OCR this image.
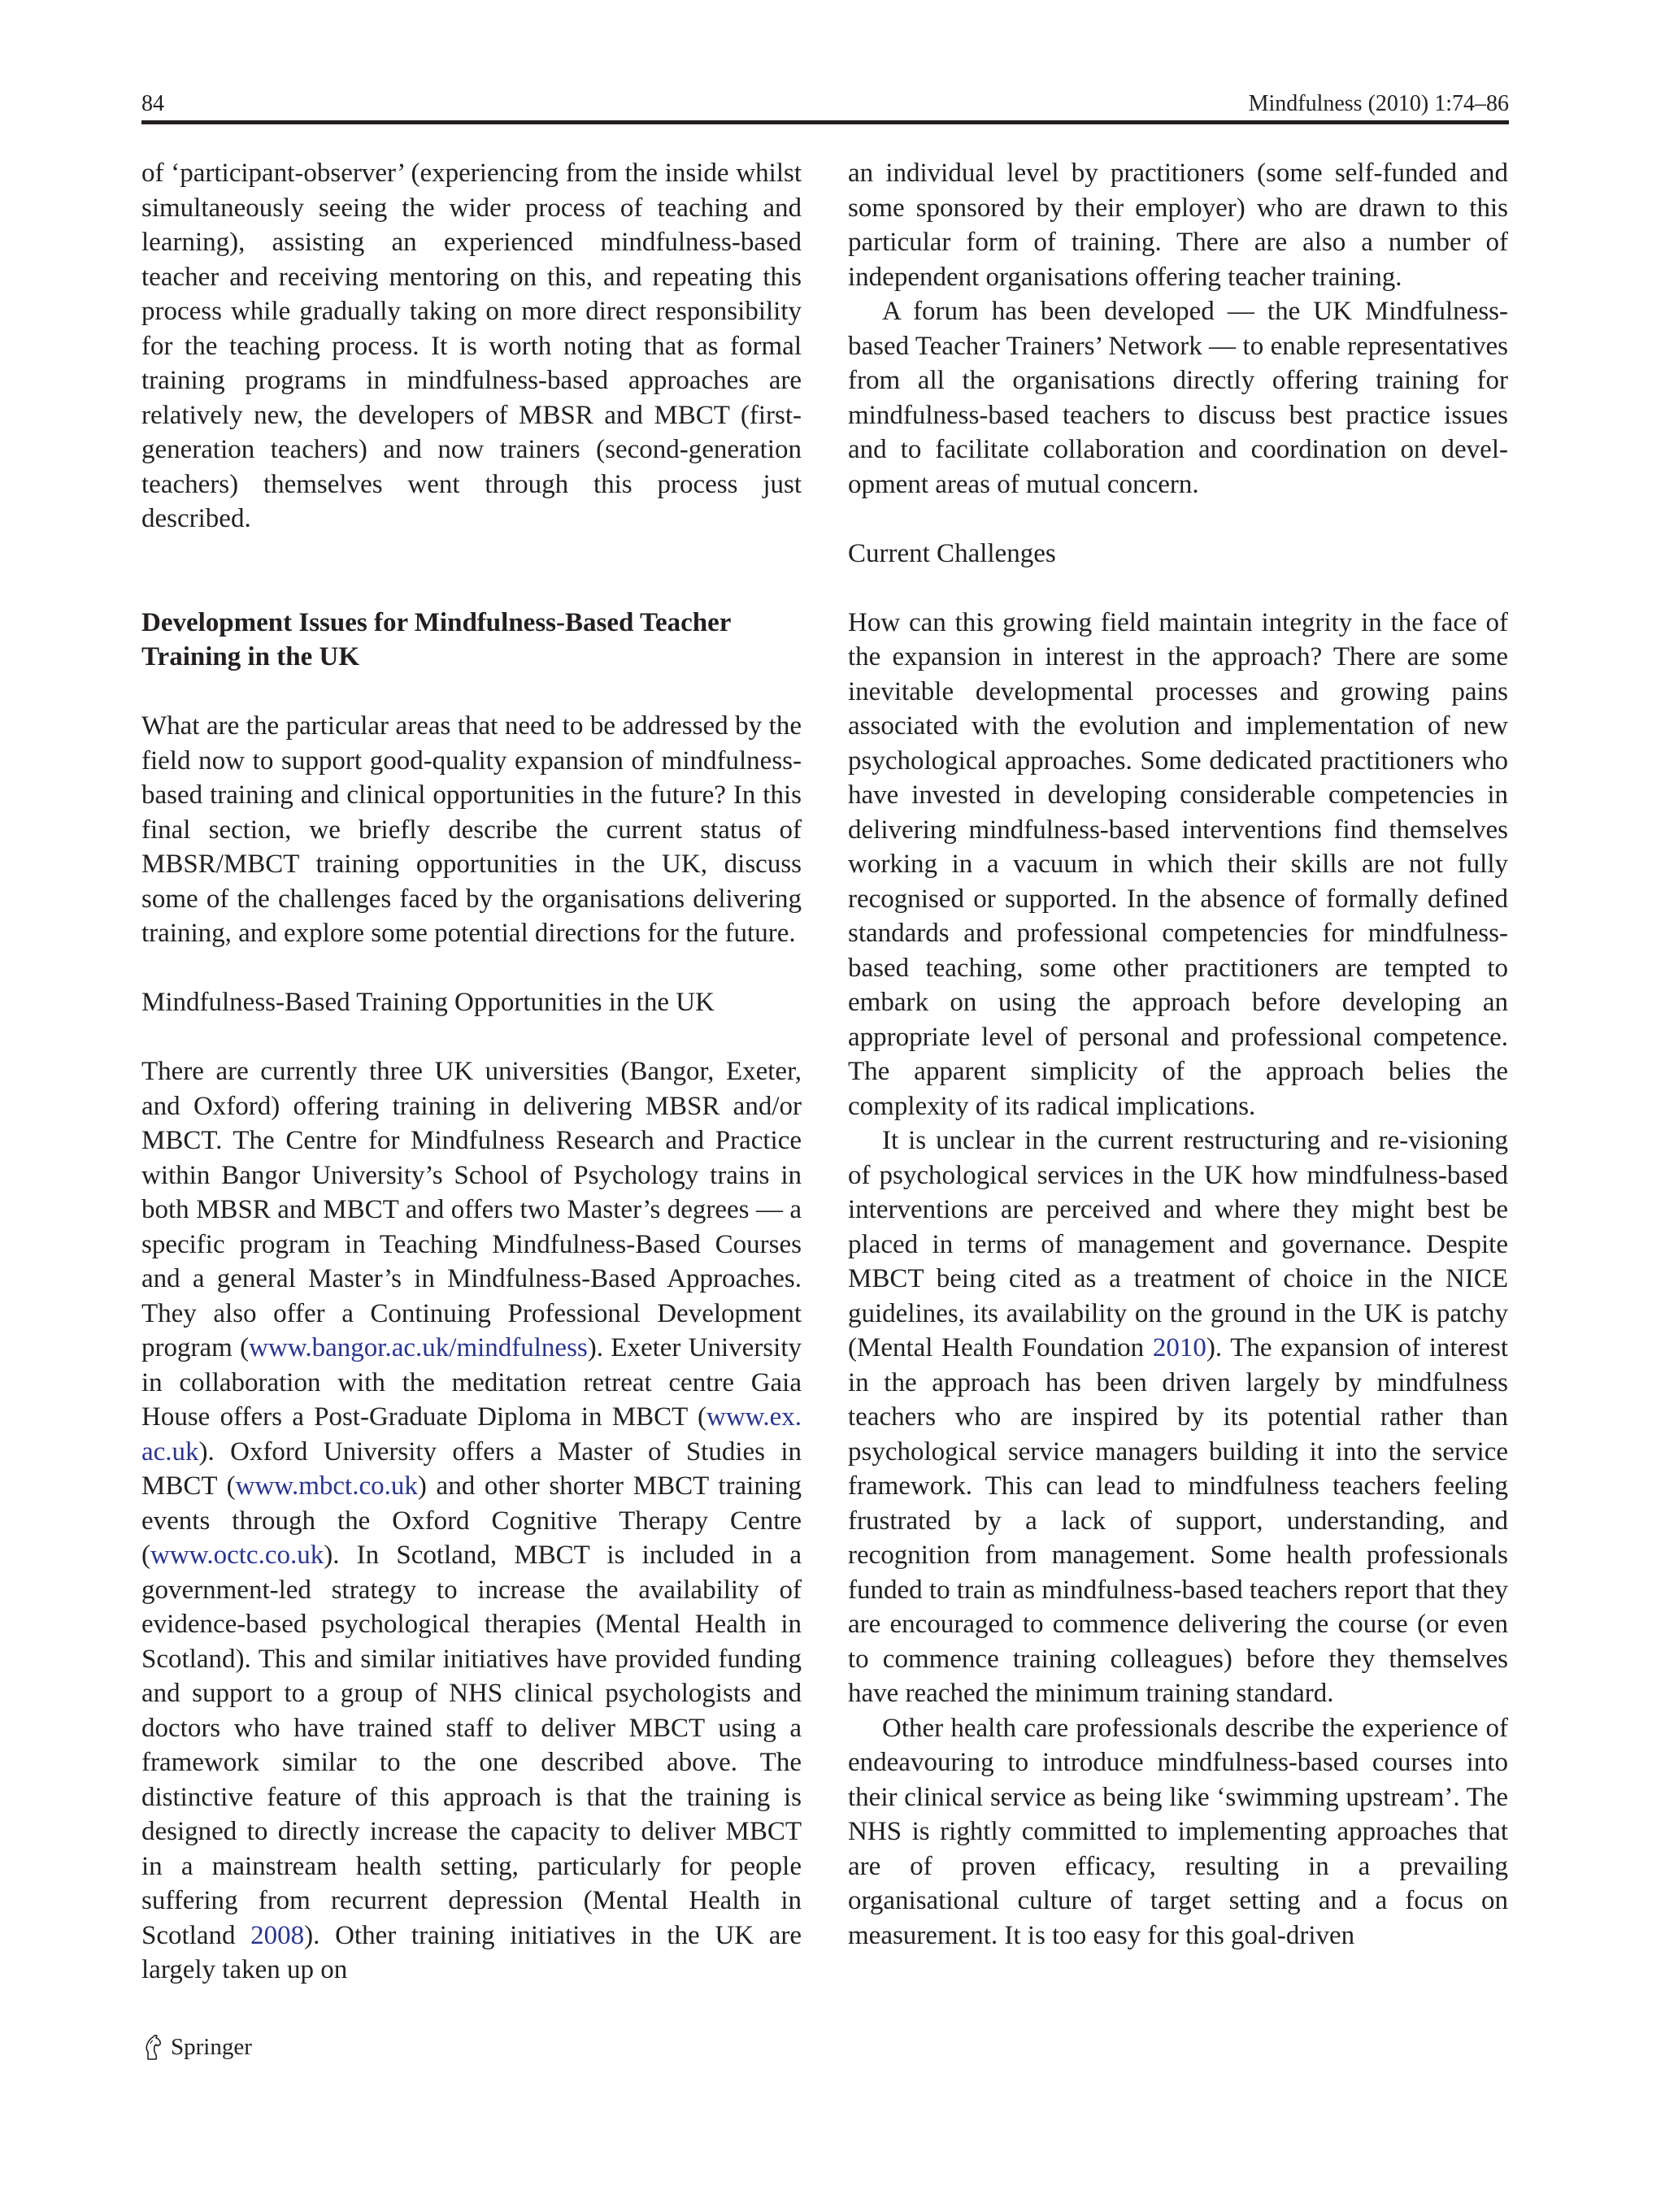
84	Mindfulness (2010) 1:74–86

of ‘participant-observer’ (experiencing from the inside whilst simultaneously seeing the wider process of teaching and learning), assisting an experienced mindfulness-based teacher and receiving mentoring on this, and repeating this process while gradually taking on more direct responsibility for the teaching process. It is worth noting that as formal training programs in mindfulness-based approaches are relatively new, the developers of MBSR and MBCT (first-generation teachers) and now trainers (second-generation teachers) themselves went through this process just described.

Development Issues for Mindfulness-Based Teacher Training in the UK

What are the particular areas that need to be addressed by the field now to support good-quality expansion of mindfulness-based training and clinical opportunities in the future? In this final section, we briefly describe the current status of MBSR/MBCT training opportunities in the UK, discuss some of the challenges faced by the organisations delivering training, and explore some potential directions for the future.

Mindfulness-Based Training Opportunities in the UK

There are currently three UK universities (Bangor, Exeter, and Oxford) offering training in delivering MBSR and/or MBCT. The Centre for Mindfulness Research and Practice within Bangor University’s School of Psychology trains in both MBSR and MBCT and offers two Master’s degrees — a specific program in Teaching Mindfulness-Based Courses and a general Master’s in Mindfulness-Based Approaches. They also offer a Continuing Professional Development program (www.bangor.ac.uk/mindfulness). Exeter University in collaboration with the meditation retreat centre Gaia House offers a Post-Graduate Diploma in MBCT (www.ex.​ac.uk). Oxford University offers a Master of Studies in MBCT (www.mbct.co.uk) and other shorter MBCT training events through the Oxford Cognitive Therapy Centre (www.octc.co.uk). In Scotland, MBCT is included in a government-led strategy to increase the availability of evidence-based psychological therapies (Mental Health in Scotland). This and similar initiatives have provided funding and support to a group of NHS clinical psychologists and doctors who have trained staff to deliver MBCT using a framework similar to the one described above. The distinctive feature of this approach is that the training is designed to directly increase the capacity to deliver MBCT in a mainstream health setting, particularly for people suffering from recurrent depression (Mental Health in Scotland 2008). Other training initiatives in the UK are largely taken up on

an individual level by practitioners (some self-funded and some sponsored by their employer) who are drawn to this particular form of training. There are also a number of independent organisations offering teacher training.

A forum has been developed — the UK Mindfulness-based Teacher Trainers’ Network — to enable representatives from all the organisations directly offering training for mindfulness-based teachers to discuss best practice issues and to facilitate collaboration and coordination on development areas of mutual concern.

Current Challenges

How can this growing field maintain integrity in the face of the expansion in interest in the approach? There are some inevitable developmental processes and growing pains associated with the evolution and implementation of new psychological approaches. Some dedicated practitioners who have invested in developing considerable competencies in delivering mindfulness-based interventions find themselves working in a vacuum in which their skills are not fully recognised or supported. In the absence of formally defined standards and professional competencies for mindfulness-based teaching, some other practitioners are tempted to embark on using the approach before developing an appropriate level of personal and professional competence. The apparent simplicity of the approach belies the complexity of its radical implications.

It is unclear in the current restructuring and re-visioning of psychological services in the UK how mindfulness-based interventions are perceived and where they might best be placed in terms of management and governance. Despite MBCT being cited as a treatment of choice in the NICE guidelines, its availability on the ground in the UK is patchy (Mental Health Foundation 2010). The expansion of interest in the approach has been driven largely by mindfulness teachers who are inspired by its potential rather than psychological service managers building it into the service framework. This can lead to mindfulness teachers feeling frustrated by a lack of support, understanding, and recognition from management. Some health professionals funded to train as mindfulness-based teachers report that they are encouraged to commence delivering the course (or even to commence training colleagues) before they themselves have reached the minimum training standard.

Other health care professionals describe the experience of endeavouring to introduce mindfulness-based courses into their clinical service as being like ‘swimming upstream’. The NHS is rightly committed to implementing approaches that are of proven efficacy, resulting in a prevailing organisational culture of target setting and a focus on measurement. It is too easy for this goal-driven

Springer
